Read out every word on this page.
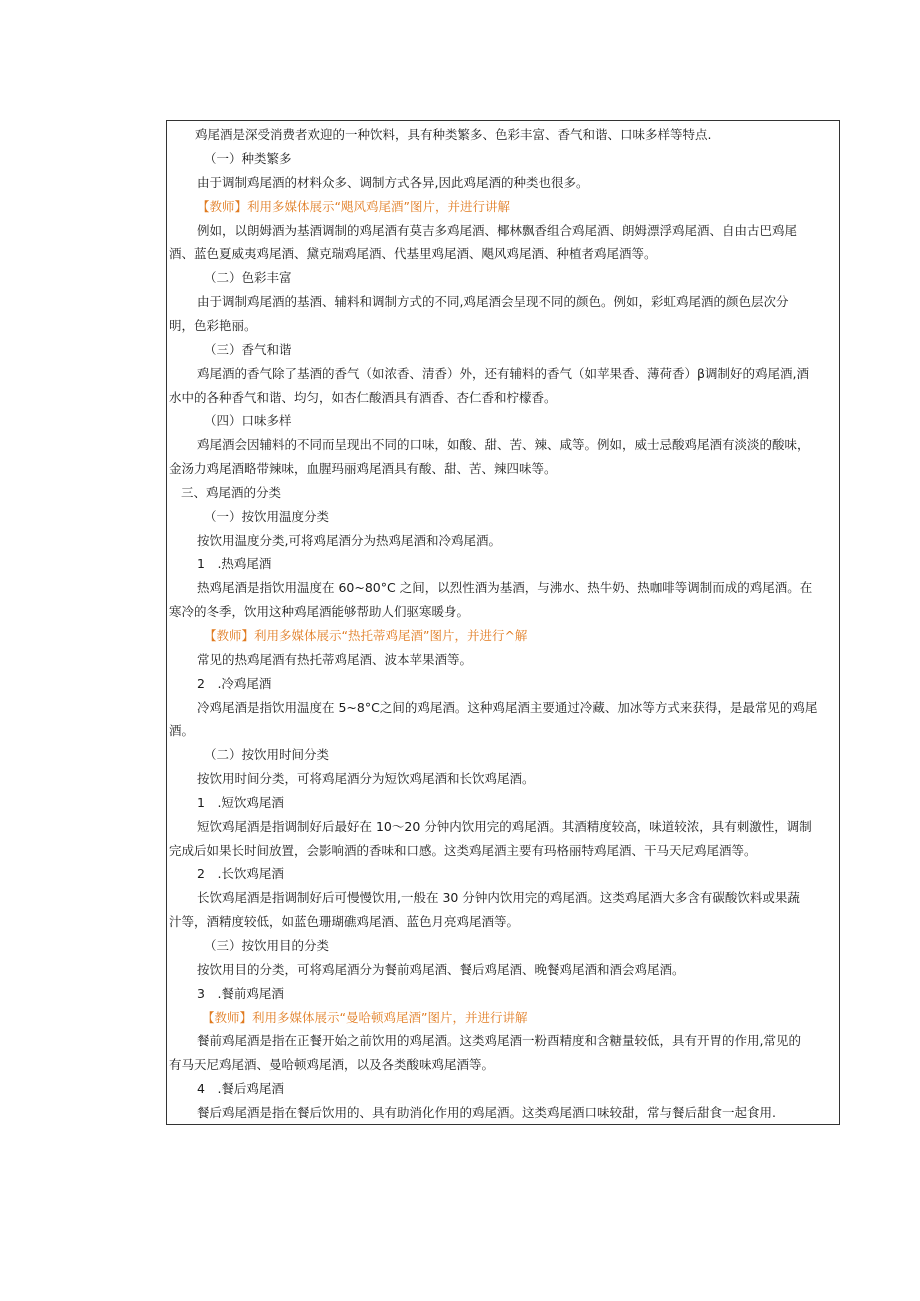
鸡尾酒是深受消费者欢迎的一种饮料，具有种类繁多、色彩丰富、香气和谐、口味多样等特点.

（一）种类繁多

由于调制鸡尾酒的材料众多、调制方式各异,因此鸡尾酒的种类也很多。

【教师】利用多媒体展示“飓风鸡尾酒”图片，并进行讲解

例如，以朗姆酒为基酒调制的鸡尾酒有莫吉多鸡尾酒、椰林飘香组合鸡尾酒、朗姆漂浮鸡尾酒、自由古巴鸡尾

酒、蓝色夏威夷鸡尾酒、黛克瑞鸡尾酒、代基里鸡尾酒、飓风鸡尾酒、种植者鸡尾酒等。

（二）色彩丰富

由于调制鸡尾酒的基酒、辅料和调制方式的不同,鸡尾酒会呈现不同的颜色。例如，彩虹鸡尾酒的颜色层次分

明，色彩艳丽。

（三）香气和谐

鸡尾酒的香气除了基酒的香气（如浓香、清香）外，还有辅料的香气（如苹果香、薄荷香）β调制好的鸡尾酒,酒

水中的各种香气和谐、均匀，如杏仁酸酒具有酒香、杏仁香和柠檬香。

（四）口味多样

鸡尾酒会因辅料的不同而呈现出不同的口味，如酸、甜、苦、辣、咸等。例如，威士忌酸鸡尾酒有淡淡的酸味，

金汤力鸡尾酒略带辣味，血腥玛丽鸡尾酒具有酸、甜、苦、辣四味等。

三、鸡尾酒的分类

（一）按饮用温度分类

按饮用温度分类,可将鸡尾酒分为热鸡尾酒和冷鸡尾酒。

1　.热鸡尾酒

热鸡尾酒是指饮用温度在 60~80°C 之间，以烈性酒为基酒，与沸水、热牛奶、热咖啡等调制而成的鸡尾酒。在

寒冷的冬季，饮用这种鸡尾酒能够帮助人们驱寒暖身。

【教师】利用多媒体展示“热托蒂鸡尾酒”图片，并进行^解

常见的热鸡尾酒有热托蒂鸡尾酒、波本苹果酒等。

2　.冷鸡尾酒

冷鸡尾酒是指饮用温度在 5~8°C之间的鸡尾酒。这种鸡尾酒主要通过冷藏、加冰等方式来获得，是最常见的鸡尾

酒。

（二）按饮用时间分类

按饮用时间分类，可将鸡尾酒分为短饮鸡尾酒和长饮鸡尾酒。

1　.短饮鸡尾酒

短饮鸡尾酒是指调制好后最好在 10〜20 分钟内饮用完的鸡尾酒。其酒精度较高，味道较浓，具有刺激性，调制

完成后如果长时间放置，会影响酒的香味和口感。这类鸡尾酒主要有玛格丽特鸡尾酒、干马天尼鸡尾酒等。

2　.长饮鸡尾酒

长饮鸡尾酒是指调制好后可慢慢饮用,一般在 30 分钟内饮用完的鸡尾酒。这类鸡尾酒大多含有碳酸饮料或果蔬

汁等，酒精度较低，如蓝色珊瑚礁鸡尾酒、蓝色月亮鸡尾酒等。

（三）按饮用目的分类

按饮用目的分类，可将鸡尾酒分为餐前鸡尾酒、餐后鸡尾酒、晚餐鸡尾酒和酒会鸡尾酒。

3　.餐前鸡尾酒

【教师】利用多媒体展示“曼哈顿鸡尾酒”图片，并进行讲解

餐前鸡尾酒是指在正餐开始之前饮用的鸡尾酒。这类鸡尾酒一粉酉精度和含糖量较低，具有开胃的作用,常见的

有马天尼鸡尾酒、曼哈顿鸡尾酒，以及各类酸味鸡尾酒等。

4　.餐后鸡尾酒

餐后鸡尾酒是指在餐后饮用的、具有助消化作用的鸡尾酒。这类鸡尾酒口味较甜，常与餐后甜食一起食用.
